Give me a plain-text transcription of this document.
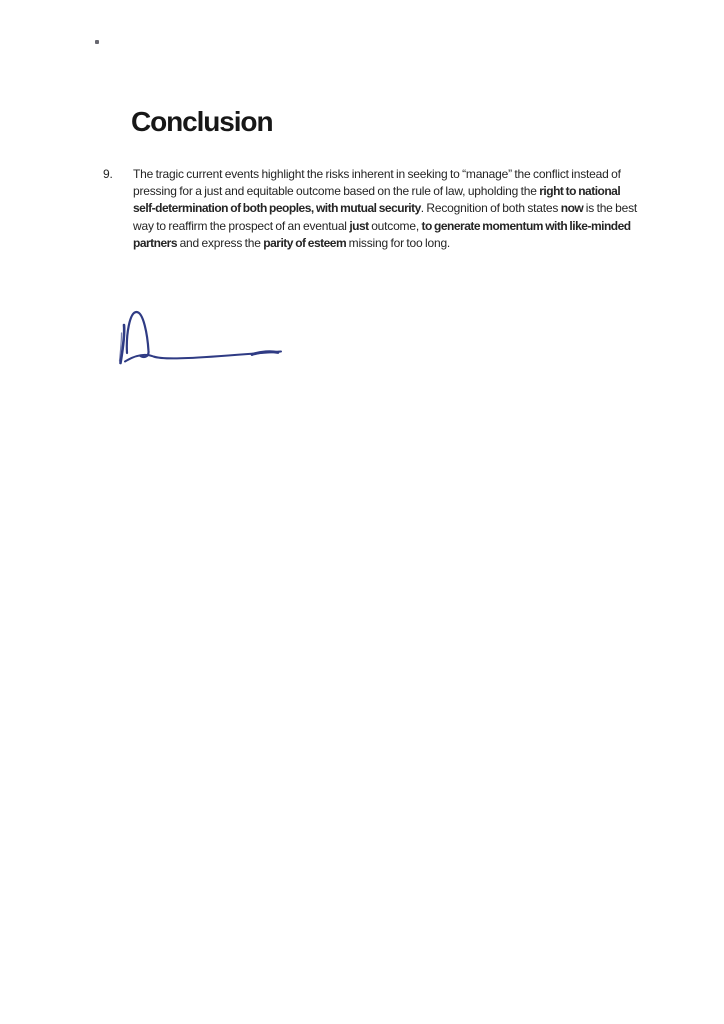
Conclusion
9.	The tragic current events highlight the risks inherent in seeking to “manage” the conflict instead of pressing for a just and equitable outcome based on the rule of law, upholding the right to national self-determination of both peoples, with mutual security. Recognition of both states now is the best way to reaffirm the prospect of an eventual just outcome, to generate momentum with like-minded partners and express the parity of esteem missing for too long.
